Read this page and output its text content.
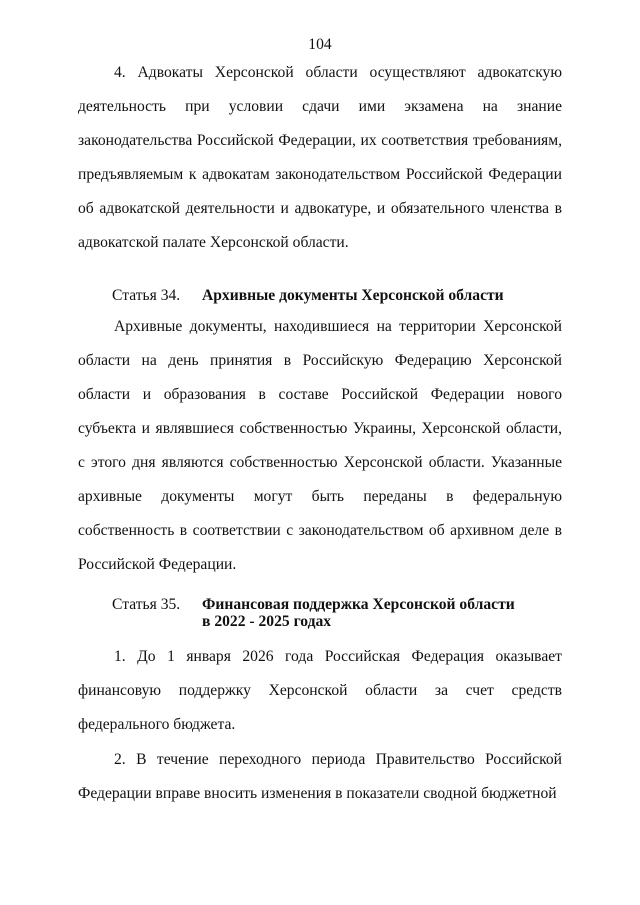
104

4. Адвокаты Херсонской области осуществляют адвокатскую деятельность при условии сдачи ими экзамена на знание законодательства Российской Федерации, их соответствия требованиям, предъявляемым к адвокатам законодательством Российской Федерации об адвокатской деятельности и адвокатуре, и обязательного членства в адвокатской палате Херсонской области.

Статья 34. Архивные документы Херсонской области

Архивные документы, находившиеся на территории Херсонской области на день принятия в Российскую Федерацию Херсонской области и образования в составе Российской Федерации нового субъекта и являвшиеся собственностью Украины, Херсонской области, с этого дня являются собственностью Херсонской области. Указанные архивные документы могут быть переданы в федеральную собственность в соответствии с законодательством об архивном деле в Российской Федерации.

Статья 35. Финансовая поддержка Херсонской области
в 2022 - 2025 годах

1. До 1 января 2026 года Российская Федерация оказывает финансовую поддержку Херсонской области за счет средств федерального бюджета.

2. В течение переходного периода Правительство Российской Федерации вправе вносить изменения в показатели сводной бюджетной
